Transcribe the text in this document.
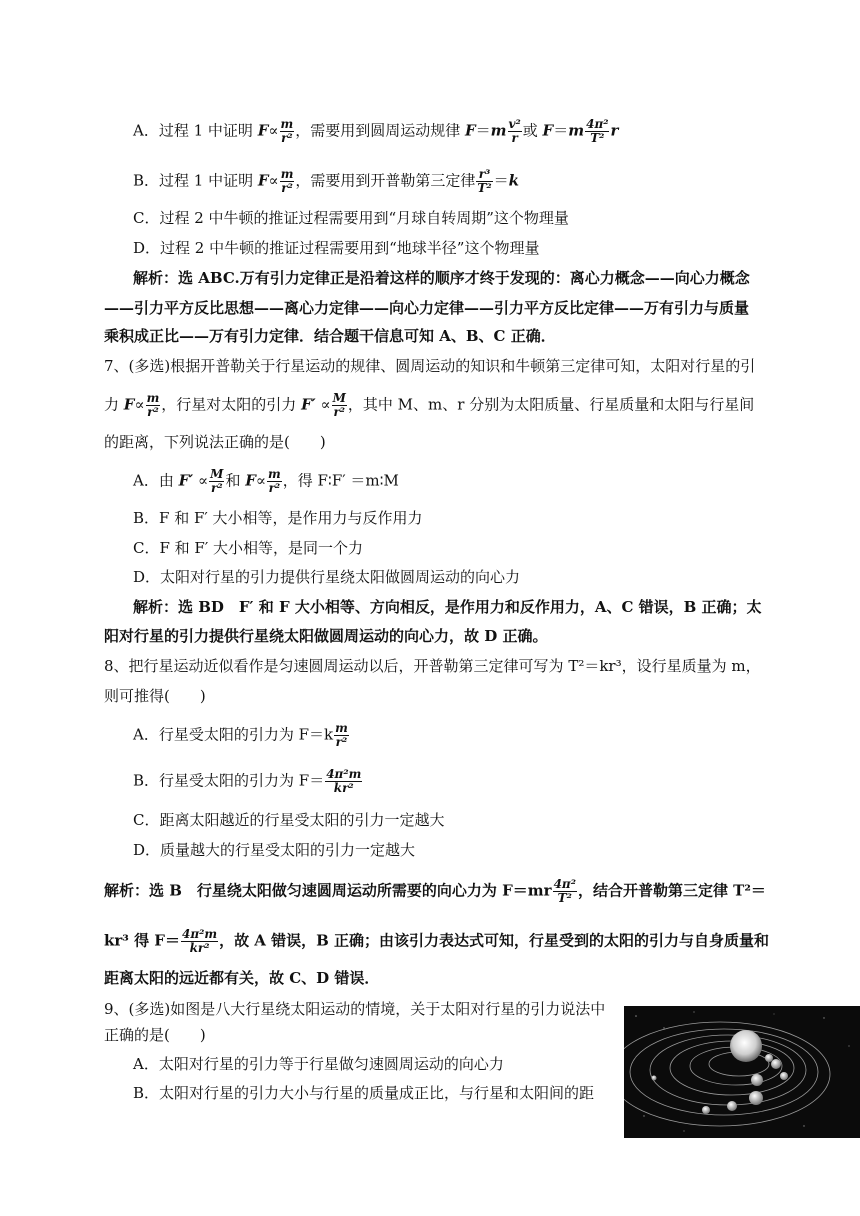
A．过程 1 中证明 $F\propto \frac{m}{\text{r²}}$ ，需要用到圆周运动规律 $F=m \frac{\text{v²}}{r}$ 或 $F=m \frac{\text{4π²}}{\text{T²}}$ r
B．过程 1 中证明 $F\propto \frac{m}{\text{r²}}$ ，需要用到开普勒第三定律 $\frac{\text{r³}}{\text{T²}} =k$
C．过程 2 中牛顿的推证过程需要用到“月球自转周期”这个物理量
D．过程 2 中牛顿的推证过程需要用到“地球半径”这个物理量
解析：选 ABC.万有引力定律正是沿着这样的顺序才终于发现的：离心力概念——向心力概念
——引力平方反比思想——离心力定律——向心力定律——引力平方反比定律——万有引力与质量
乘积成正比——万有引力定律．结合题干信息可知 A、B、C 正确．
7、(多选)根据开普勒关于行星运动的规律、圆周运动的知识和牛顿第三定律可知，太阳对行星的引
力 $F\propto \frac{m}{\text{r²}}$ ，行星对太阳的引力 $F' \propto \frac{M}{\text{r²}}$ ，其中 M、m、r 分别为太阳质量、行星质量和太阳与行星间
的距离，下列说法正确的是(　　)
A．由 $F' \propto \frac{M}{\text{r²}}$ 和 $F\propto \frac{m}{\text{r²}}$ ，得 F∶F′ ＝m∶M
B．F 和 F′ 大小相等，是作用力与反作用力
C．F 和 F′ 大小相等，是同一个力
D．太阳对行星的引力提供行星绕太阳做圆周运动的向心力
解析：选 BD　F′ 和 F 大小相等、方向相反，是作用力和反作用力，A、C 错误，B 正确；太
阳对行星的引力提供行星绕太阳做圆周运动的向心力，故 D 正确。
8、把行星运动近似看作是匀速圆周运动以后，开普勒第三定律可写为 T²＝kr³，设行星质量为 m，
则可推得(　　)
A．行星受太阳的引力为 $F=k \frac{m}{\text{r²}}$
B．行星受太阳的引力为 $F= \frac{\text{4π²m}}{\text{kr²}}$
C．距离太阳越近的行星受太阳的引力一定越大
D．质量越大的行星受太阳的引力一定越大
解析：选 B　行星绕太阳做匀速圆周运动所需要的向心力为 $F=mr \frac{\text{4π²}}{\text{T²}}$ ，结合开普勒第三定律 T²＝
kr³ 得 $F= \frac{\text{4π²m}}{\text{kr²}}$ ，故 A 错误，B 正确；由该引力表达式可知，行星受到的太阳的引力与自身质量和
距离太阳的远近都有关，故 C、D 错误．
9、(多选)如图是八大行星绕太阳运动的情境，关于太阳对行星的引力说法中
正确的是(　　)
A．太阳对行星的引力等于行星做匀速圆周运动的向心力
B．太阳对行星的引力大小与行星的质量成正比，与行星和太阳间的距
